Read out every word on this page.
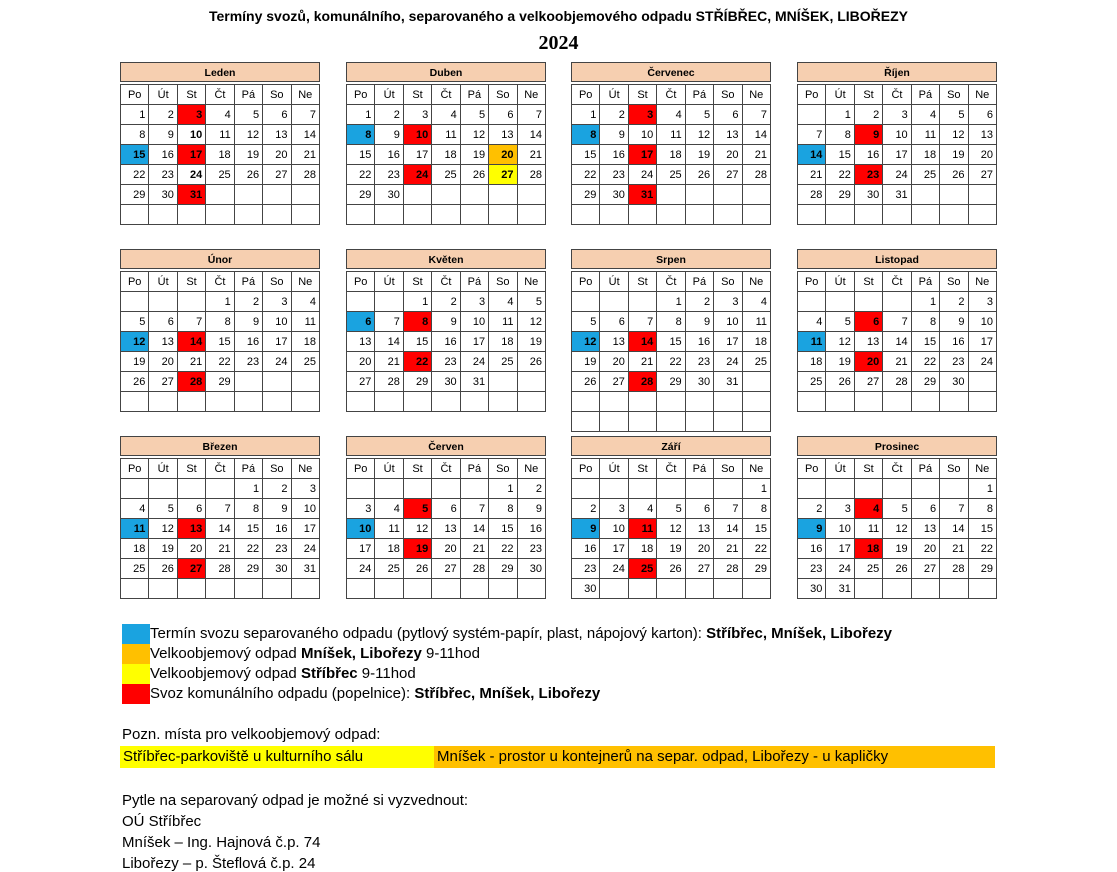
Termíny svozů, komunálního, separovaného a velkoobjemového odpadu STŘÍBŘEC, MNÍŠEK, LIBOŘEZY
2024
Leden
Po	Út	St	Čt	Pá	So	Ne
1	2	3	4	5	6	7
8	9	10	11	12	13	14
15	16	17	18	19	20	21
22	23	24	25	26	27	28
29	30	31				

Duben
Po	Út	St	Čt	Pá	So	Ne
1	2	3	4	5	6	7
8	9	10	11	12	13	14
15	16	17	18	19	20	21
22	23	24	25	26	27	28
29	30					

Červenec
Po	Út	St	Čt	Pá	So	Ne
1	2	3	4	5	6	7
8	9	10	11	12	13	14
15	16	17	18	19	20	21
22	23	24	25	26	27	28
29	30	31				

Říjen
Po	Út	St	Čt	Pá	So	Ne
	1	2	3	4	5	6
7	8	9	10	11	12	13
14	15	16	17	18	19	20
21	22	23	24	25	26	27
28	29	30	31			

Únor
Po	Út	St	Čt	Pá	So	Ne
			1	2	3	4
5	6	7	8	9	10	11
12	13	14	15	16	17	18
19	20	21	22	23	24	25
26	27	28	29			

Květen
Po	Út	St	Čt	Pá	So	Ne
		1	2	3	4	5
6	7	8	9	10	11	12
13	14	15	16	17	18	19
20	21	22	23	24	25	26
27	28	29	30	31		

Srpen
Po	Út	St	Čt	Pá	So	Ne
			1	2	3	4
5	6	7	8	9	10	11
12	13	14	15	16	17	18
19	20	21	22	23	24	25
26	27	28	29	30	31	

Listopad
Po	Út	St	Čt	Pá	So	Ne
				1	2	3
4	5	6	7	8	9	10
11	12	13	14	15	16	17
18	19	20	21	22	23	24
25	26	27	28	29	30	

Březen
Po	Út	St	Čt	Pá	So	Ne
				1	2	3
4	5	6	7	8	9	10
11	12	13	14	15	16	17
18	19	20	21	22	23	24
25	26	27	28	29	30	31

Červen
Po	Út	St	Čt	Pá	So	Ne
					1	2
3	4	5	6	7	8	9
10	11	12	13	14	15	16
17	18	19	20	21	22	23
24	25	26	27	28	29	30

Září
Po	Út	St	Čt	Pá	So	Ne
						1
2	3	4	5	6	7	8
9	10	11	12	13	14	15
16	17	18	19	20	21	22
23	24	25	26	27	28	29
30						
Prosinec
Po	Út	St	Čt	Pá	So	Ne
						1
2	3	4	5	6	7	8
9	10	11	12	13	14	15
16	17	18	19	20	21	22
23	24	25	26	27	28	29
30	31					
Termín svozu separovaného odpadu (pytlový systém-papír, plast, nápojový karton): Stříbřec, Mníšek, Libořezy
Velkoobjemový odpad Mníšek, Libořezy 9-11hod
Velkoobjemový odpad Stříbřec 9-11hod
Svoz komunálního odpadu (popelnice): Stříbřec, Mníšek, Libořezy
Pozn. místa pro velkoobjemový odpad:
Stříbřec-parkoviště u kulturního sálu	Mníšek - prostor u kontejnerů na separ. odpad, Libořezy - u kapličky
Pytle na separovaný odpad je možné si vyzvednout:
OÚ Stříbřec
Mníšek – Ing. Hajnová č.p. 74
Libořezy – p. Šteflová č.p. 24
